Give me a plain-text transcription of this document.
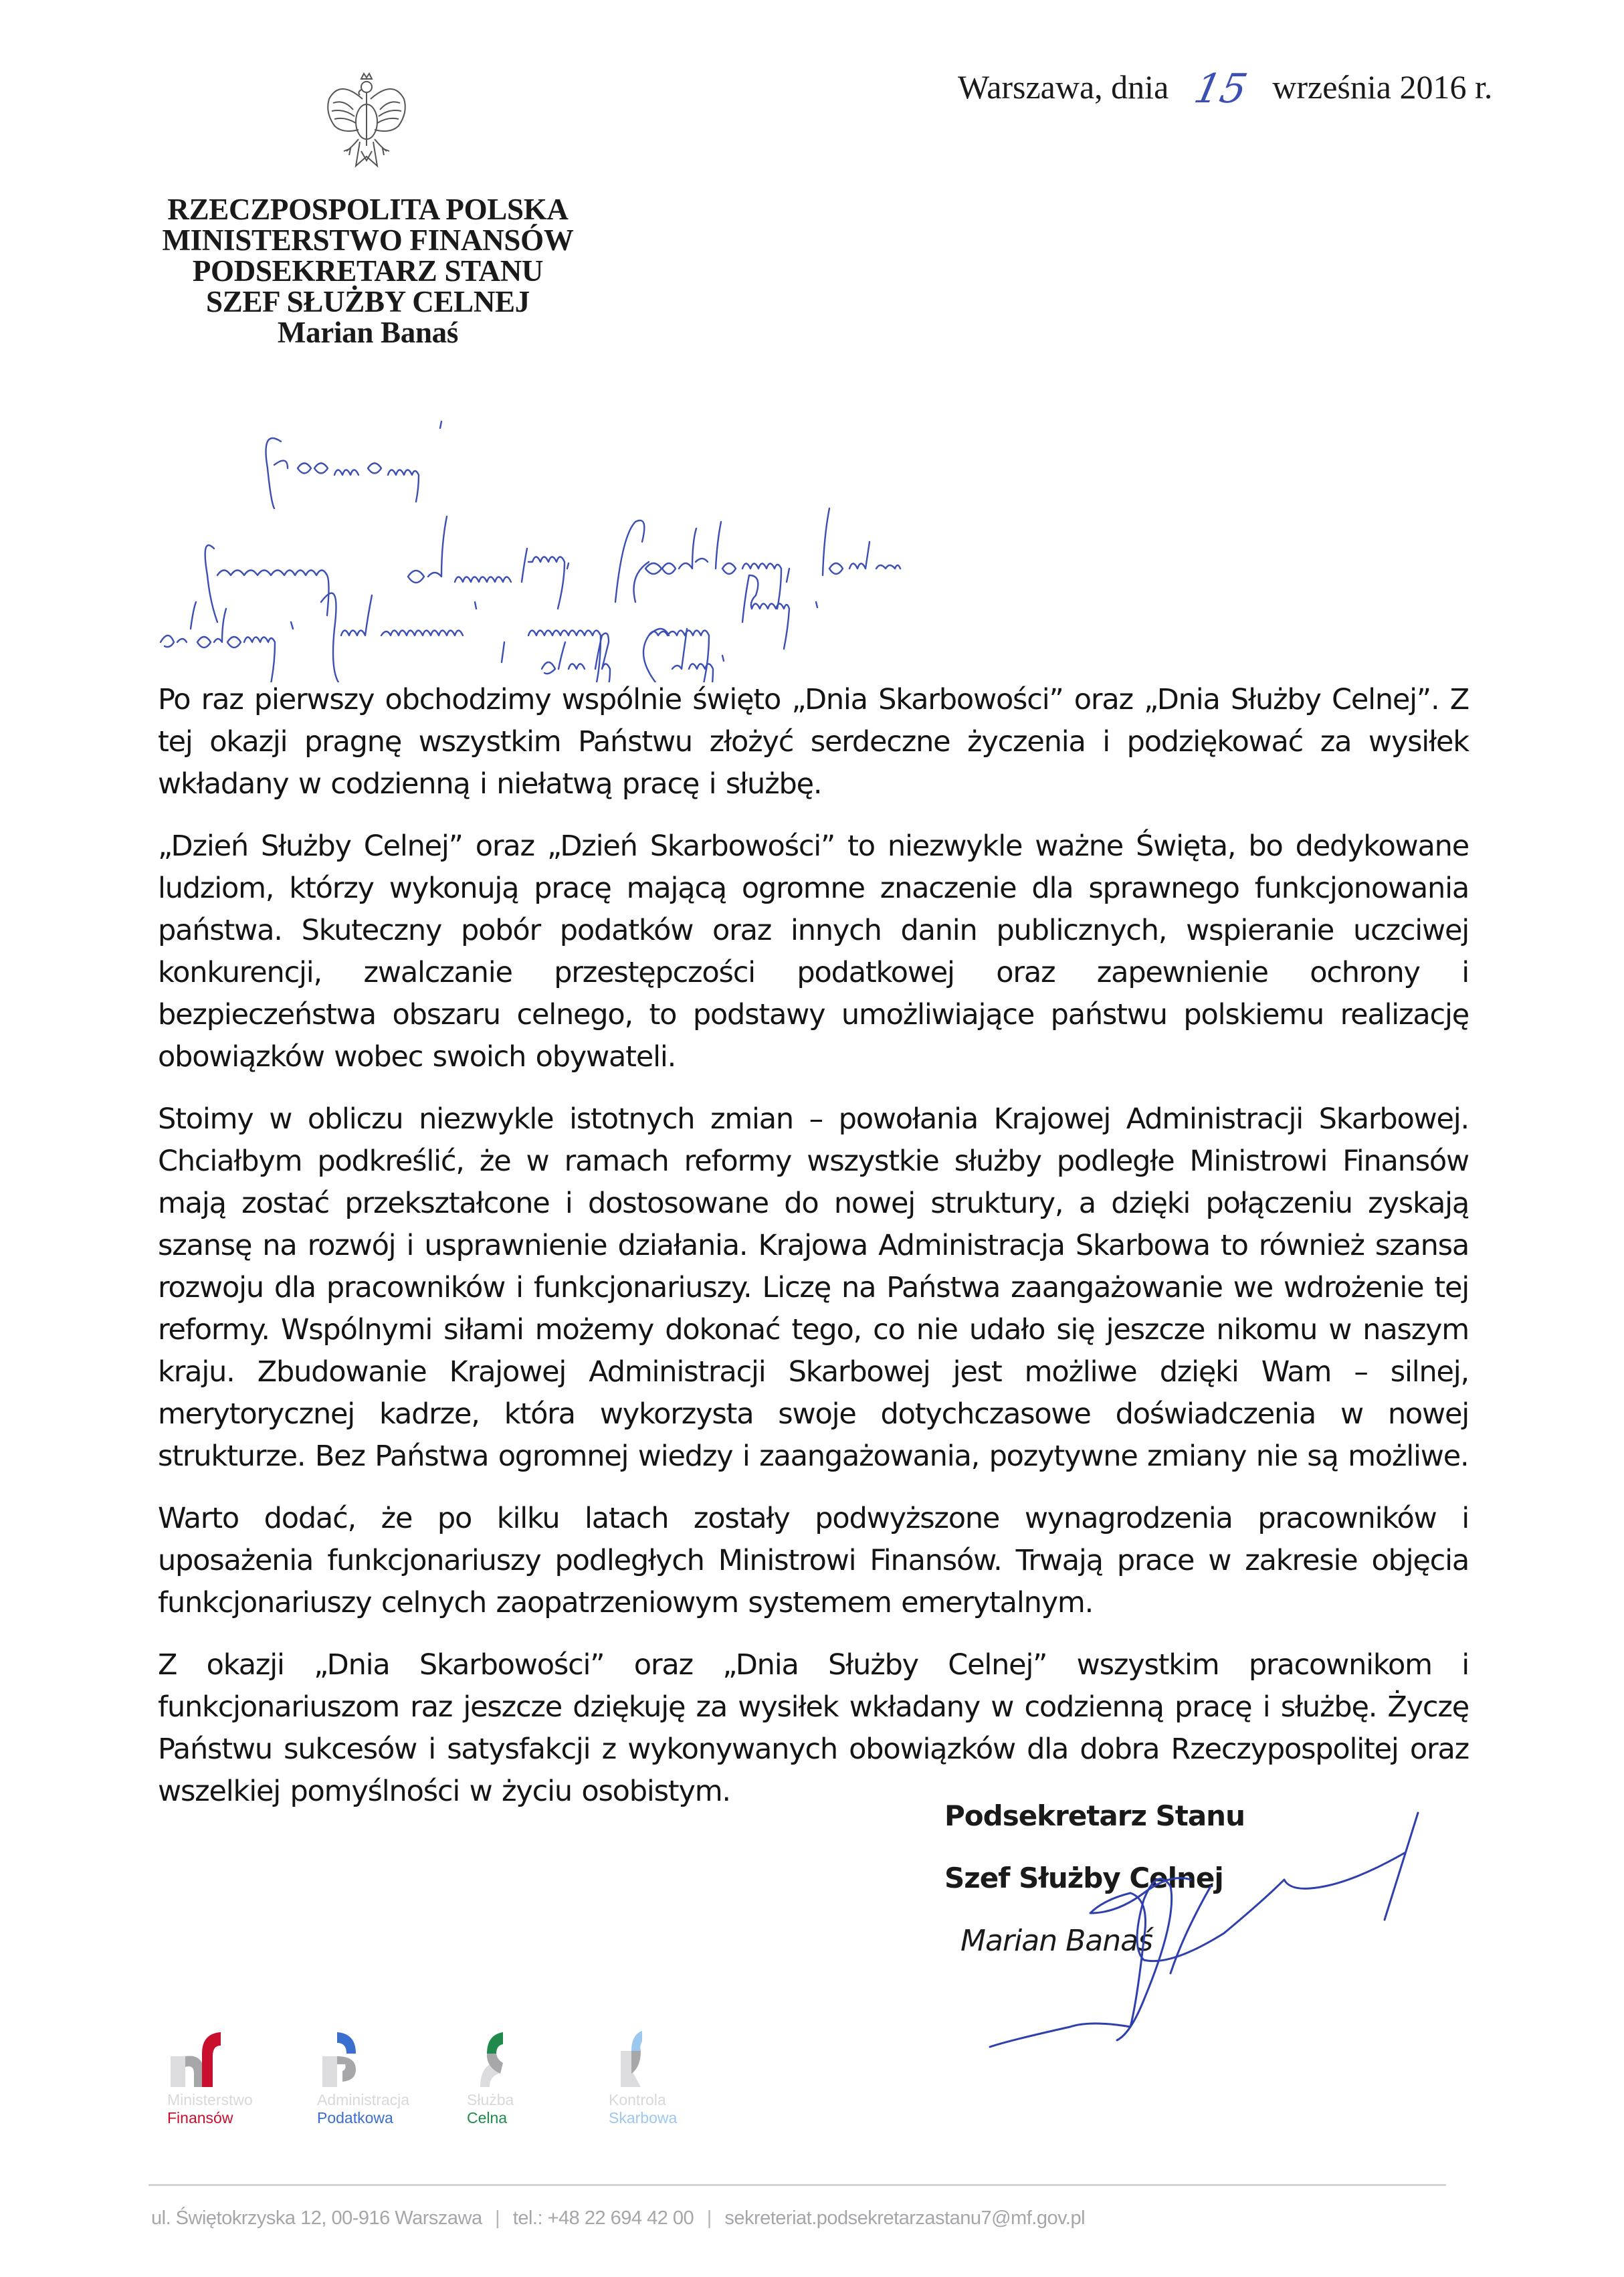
Warszawa, dnia 15 września 2016 r.
RZECZPOSPOLITA POLSKA
MINISTERSTWO FINANSÓW
PODSEKRETARZ STANU
SZEF SŁUŻBY CELNEJ
Marian Banaś

Po raz pierwszy obchodzimy wspólnie święto „Dnia Skarbowości” oraz „Dnia Służby Celnej”. Z tej okazji pragnę wszystkim Państwu złożyć serdeczne życzenia i podziękować za wysiłek wkładany w codzienną i niełatwą pracę i służbę.

„Dzień Służby Celnej” oraz „Dzień Skarbowości” to niezwykle ważne Święta, bo dedykowane ludziom, którzy wykonują pracę mającą ogromne znaczenie dla sprawnego funkcjonowania państwa. Skuteczny pobór podatków oraz innych danin publicznych, wspieranie uczciwej konkurencji, zwalczanie przestępczości podatkowej oraz zapewnienie ochrony i bezpieczeństwa obszaru celnego, to podstawy umożliwiające państwu polskiemu realizację obowiązków wobec swoich obywateli.

Stoimy w obliczu niezwykle istotnych zmian – powołania Krajowej Administracji Skarbowej. Chciałbym podkreślić, że w ramach reformy wszystkie służby podległe Ministrowi Finansów mają zostać przekształcone i dostosowane do nowej struktury, a dzięki połączeniu zyskają szansę na rozwój i usprawnienie działania. Krajowa Administracja Skarbowa to również szansa rozwoju dla pracowników i funkcjonariuszy. Liczę na Państwa zaangażowanie we wdrożenie tej reformy. Wspólnymi siłami możemy dokonać tego, co nie udało się jeszcze nikomu w naszym kraju. Zbudowanie Krajowej Administracji Skarbowej jest możliwe dzięki Wam – silnej, merytorycznej kadrze, która wykorzysta swoje dotychczasowe doświadczenia w nowej strukturze. Bez Państwa ogromnej wiedzy i zaangażowania, pozytywne zmiany nie są możliwe.

Warto dodać, że po kilku latach zostały podwyższone wynagrodzenia pracowników i uposażenia funkcjonariuszy podległych Ministrowi Finansów. Trwają prace w zakresie objęcia funkcjonariuszy celnych zaopatrzeniowym systemem emerytalnym.

Z okazji „Dnia Skarbowości” oraz „Dnia Służby Celnej” wszystkim pracownikom i funkcjonariuszom raz jeszcze dziękuję za wysiłek wkładany w codzienną pracę i służbę. Życzę Państwu sukcesów i satysfakcji z wykonywanych obowiązków dla dobra Rzeczypospolitej oraz wszelkiej pomyślności w życiu osobistym.

Podsekretarz Stanu
Szef Służby Celnej
Marian Banaś
Ministerstwo
Finansów
Administracja
Podatkowa
Służba
Celna
Kontrola
Skarbowa
ul. Świętokrzyska 12, 00-916 Warszawa | tel.: +48 22 694 42 00 | sekreteriat.podsekretarzastanu7@mf.gov.pl
